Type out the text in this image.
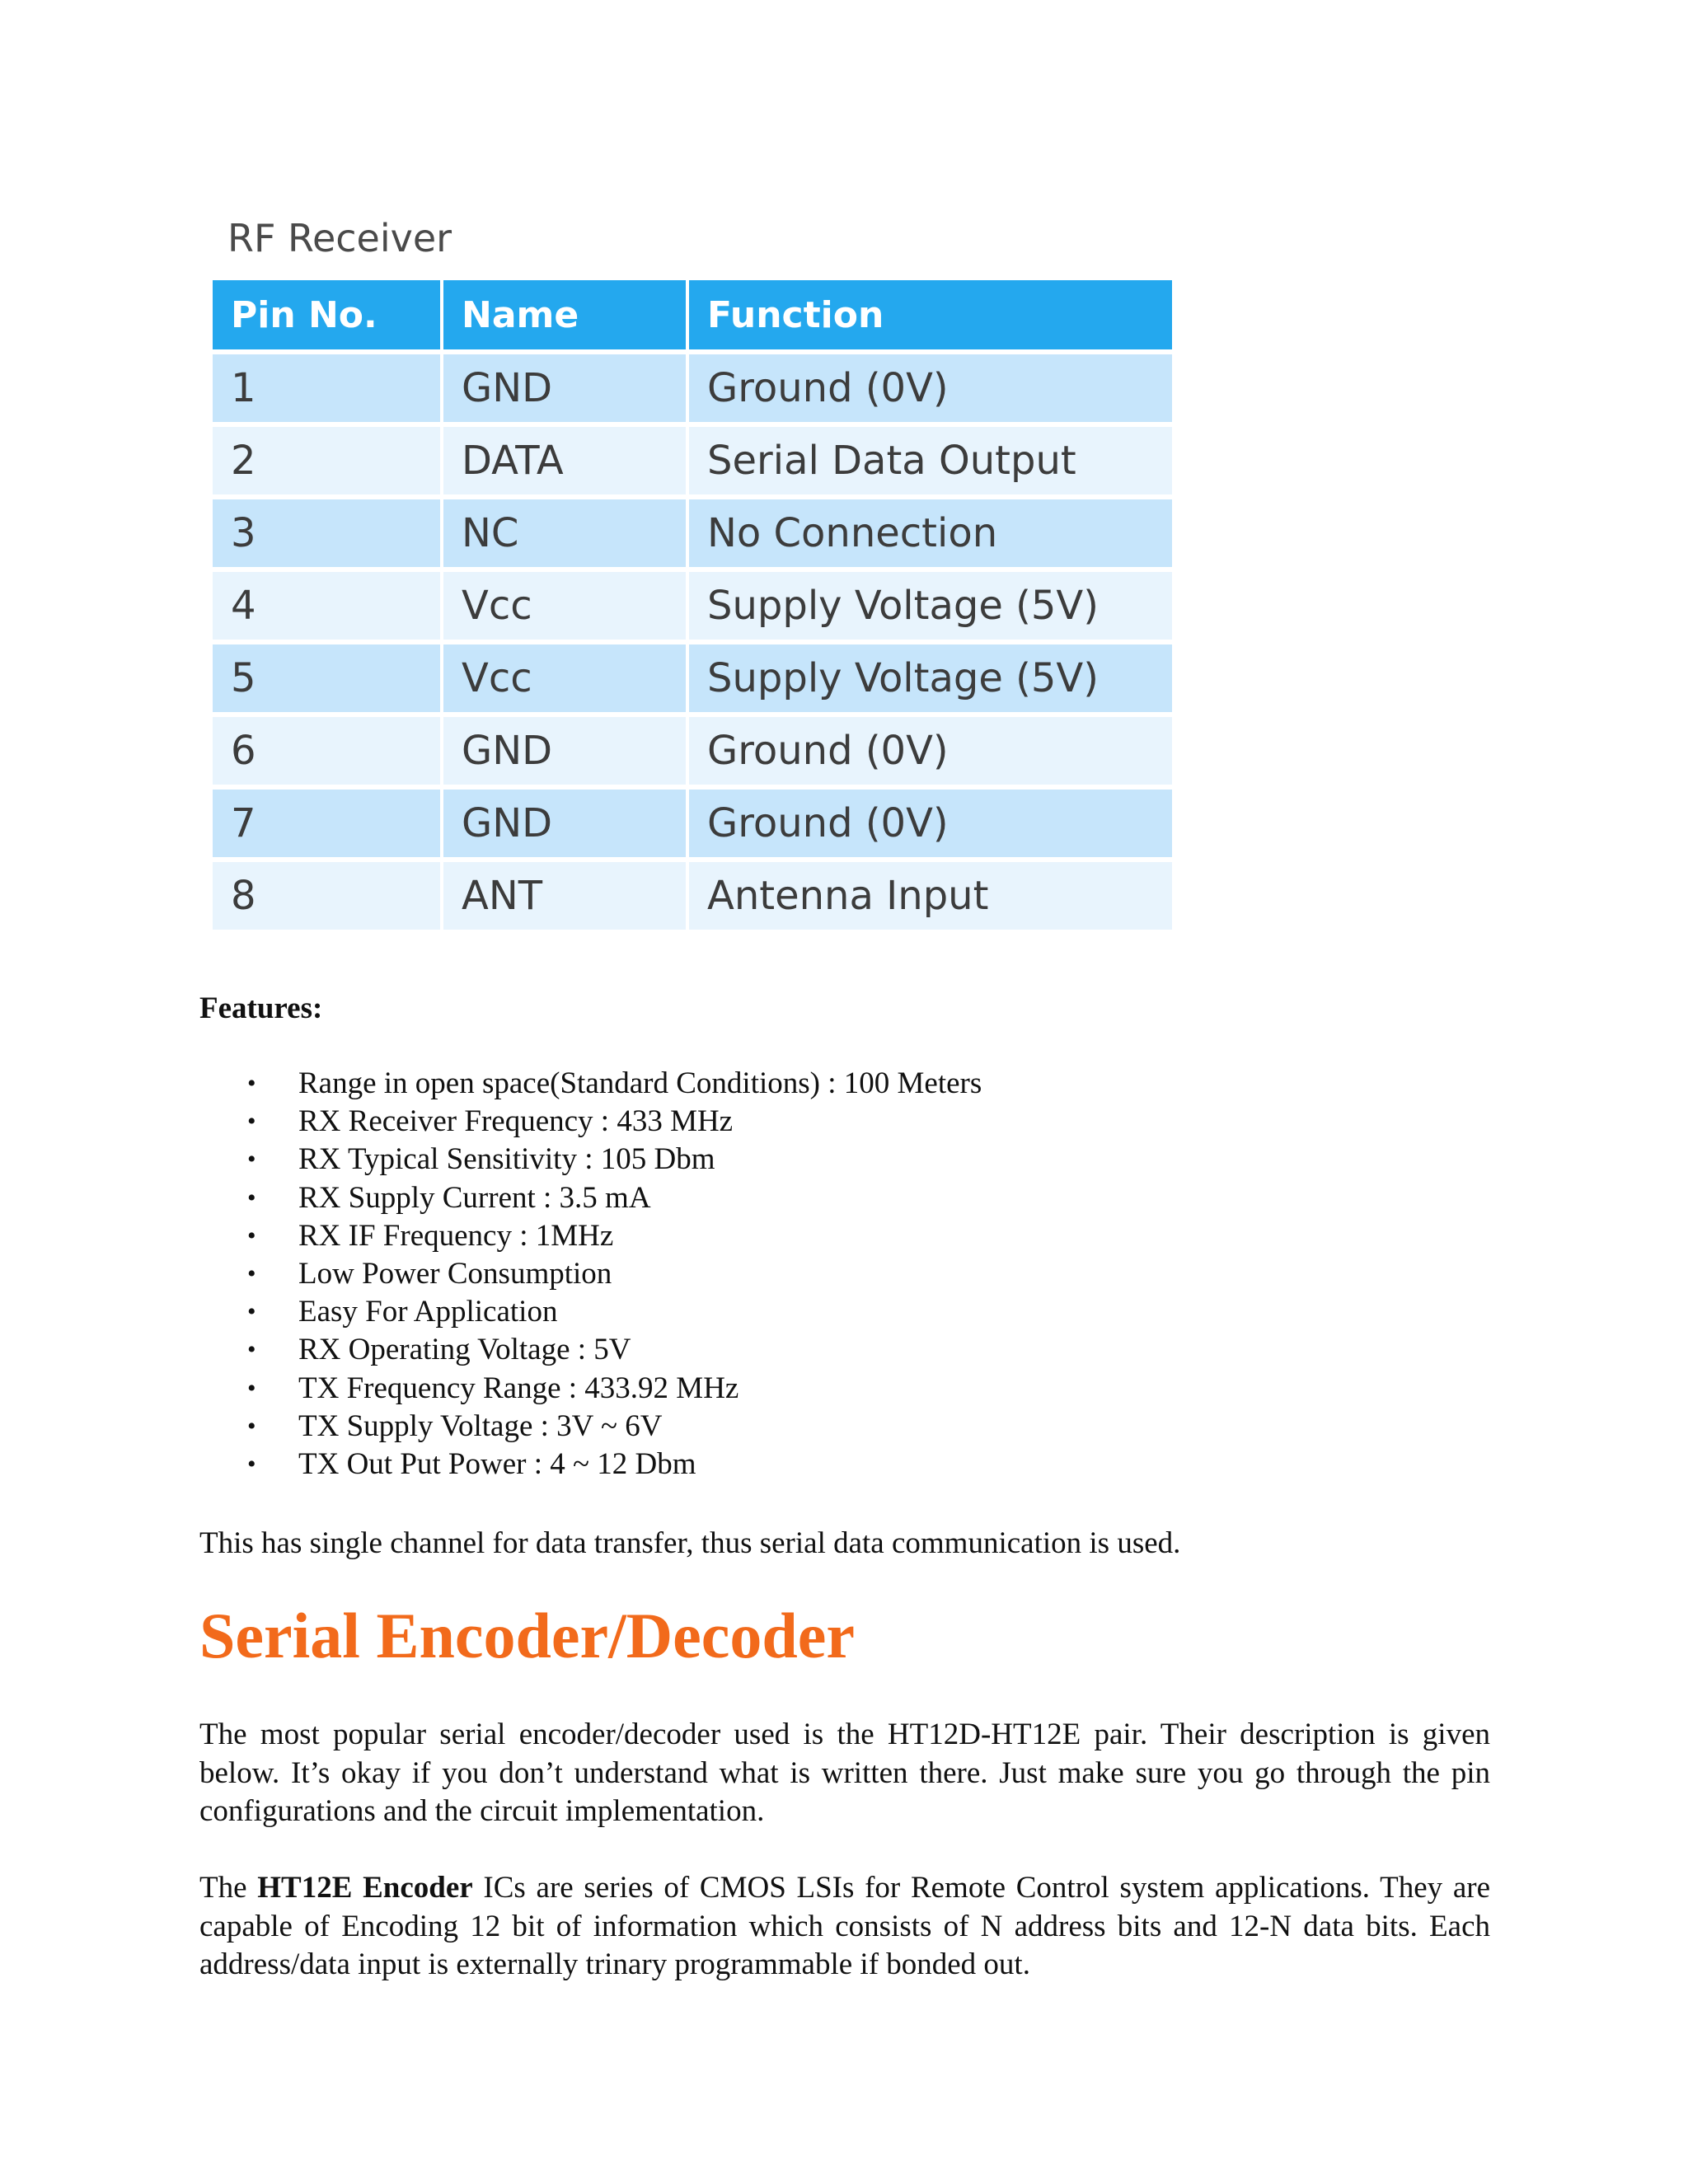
RF Receiver
Pin No.	Name	Function
1	GND	Ground (0V)
2	DATA	Serial Data Output
3	NC	No Connection
4	Vcc	Supply Voltage (5V)
5	Vcc	Supply Voltage (5V)
6	GND	Ground (0V)
7	GND	Ground (0V)
8	ANT	Antenna Input
Features:
• Range in open space(Standard Conditions) : 100 Meters
• RX Receiver Frequency : 433 MHz
• RX Typical Sensitivity : 105 Dbm
• RX Supply Current : 3.5 mA
• RX IF Frequency : 1MHz
• Low Power Consumption
• Easy For Application
• RX Operating Voltage : 5V
• TX Frequency Range : 433.92 MHz
• TX Supply Voltage : 3V ~ 6V
• TX Out Put Power : 4 ~ 12 Dbm

This has single channel for data transfer, thus serial data communication is used.

Serial Encoder/Decoder

The most popular serial encoder/decoder used is the HT12D-HT12E pair. Their description is given below. It’s okay if you don’t understand what is written there. Just make sure you go through the pin configurations and the circuit implementation.

The HT12E Encoder ICs are series of CMOS LSIs for Remote Control system applications. They are capable of Encoding 12 bit of information which consists of N address bits and 12-N data bits. Each address/data input is externally trinary programmable if bonded out.
